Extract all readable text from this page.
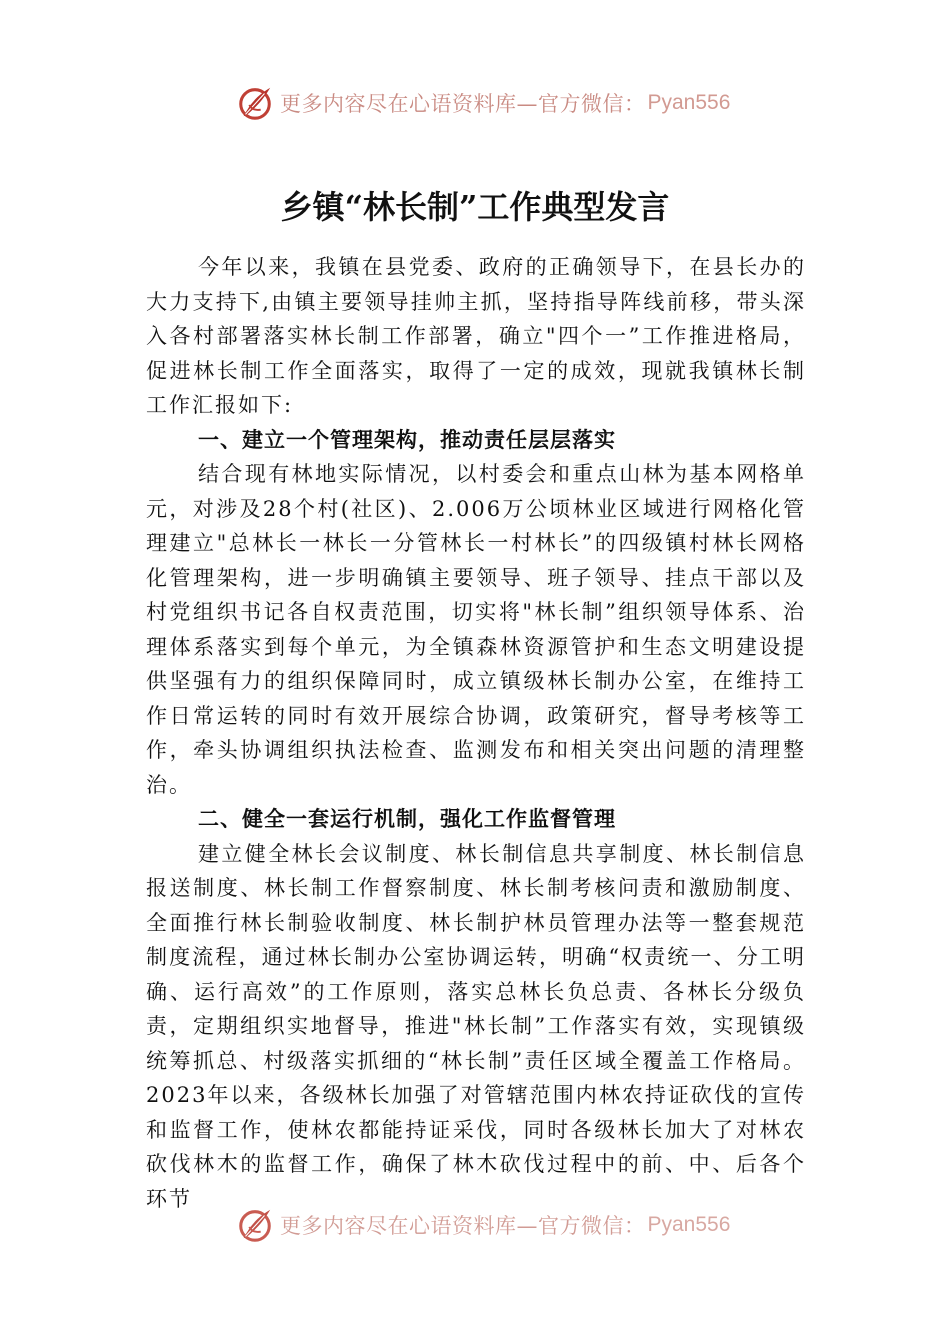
更多内容尽在心语资料库—官方微信： Pyan556
乡镇“林长制”工作典型发言

今年以来，我镇在县党委、政府的正确领导下，在县长办的大力支持下,由镇主要领导挂帅主抓，坚持指导阵线前移，带头深入各村部署落实林长制工作部署，确立"四个一”工作推进格局，促进林长制工作全面落实，取得了一定的成效，现就我镇林长制工作汇报如下:

一、建立一个管理架构，推动责任层层落实

结合现有林地实际情况，以村委会和重点山林为基本网格单元，对涉及28个村(社区)、2.006万公顷林业区域进行网格化管理建立"总林长一林长一分管林长一村林长”的四级镇村林长网格化管理架构，进一步明确镇主要领导、班子领导、挂点干部以及村党组织书记各自权责范围，切实将"林长制”组织领导体系、治理体系落实到每个单元，为全镇森林资源管护和生态文明建设提供坚强有力的组织保障同时，成立镇级林长制办公室，在维持工作日常运转的同时有效开展综合协调，政策研究，督导考核等工作，牵头协调组织执法检查、监测发布和相关突出问题的清理整治。

二、健全一套运行机制，强化工作监督管理

建立健全林长会议制度、林长制信息共享制度、林长制信息报送制度、林长制工作督察制度、林长制考核问责和激励制度、全面推行林长制验收制度、林长制护林员管理办法等一整套规范制度流程，通过林长制办公室协调运转，明确“权责统一、分工明确、运行高效”的工作原则，落实总林长负总责、各林长分级负责，定期组织实地督导，推进"林长制”工作落实有效，实现镇级统筹抓总、村级落实抓细的“林长制”责任区域全覆盖工作格局。2023年以来，各级林长加强了对管辖范围内林农持证砍伐的宣传和监督工作，使林农都能持证采伐，同时各级林长加大了对林农砍伐林木的监督工作，确保了林木砍伐过程中的前、中、后各个环节

更多内容尽在心语资料库—官方微信： Pyan556
